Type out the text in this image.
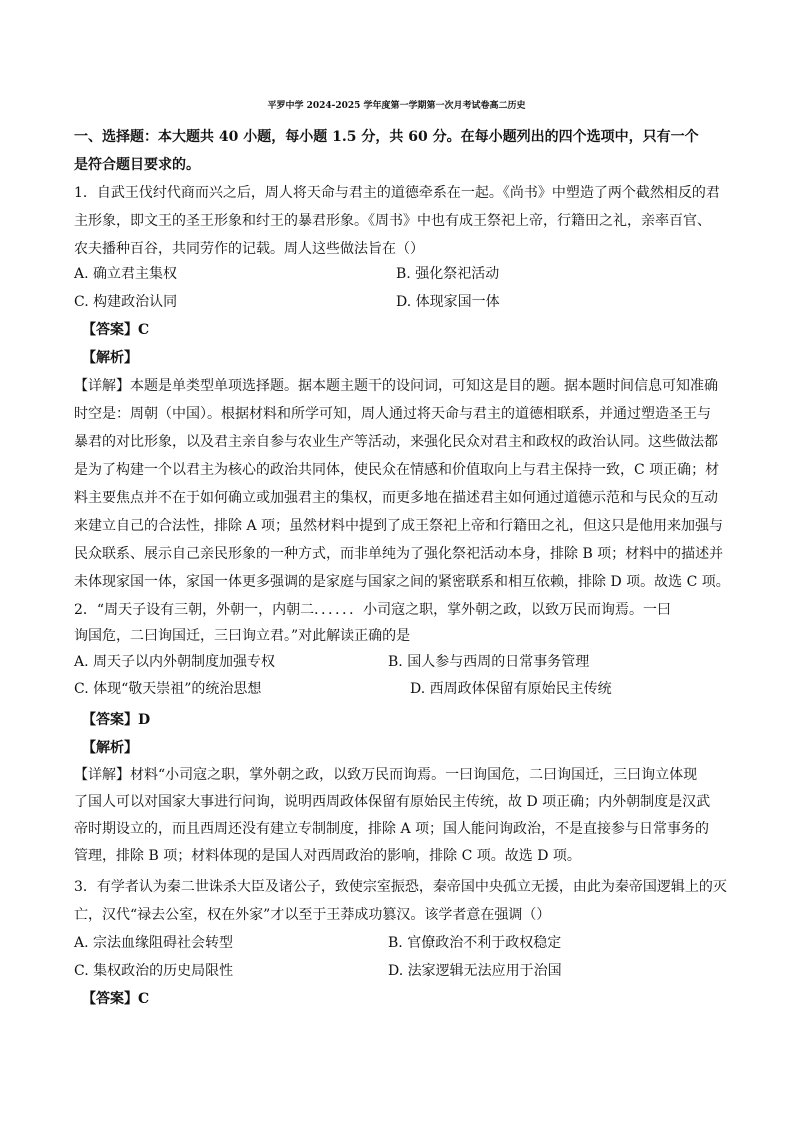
平罗中学 2024-2025 学年度第一学期第一次月考试卷高二历史
一、选择题：本大题共 40 小题，每小题 1.5 分，共 60 分。在每小题列出的四个选项中，只有一个
是符合题目要求的。
1．自武王伐纣代商而兴之后，周人将天命与君主的道德牵系在一起。《尚书》中塑造了两个截然相反的君
主形象，即文王的圣王形象和纣王的暴君形象。《周书》中也有成王祭祀上帝，行籍田之礼，亲率百官、
农夫播种百谷，共同劳作的记载。周人这些做法旨在（）
A. 确立君主集权	B. 强化祭祀活动
C. 构建政治认同	D. 体现家国一体
【答案】C
【解析】
【详解】本题是单类型单项选择题。据本题主题干的设问词，可知这是目的题。据本题时间信息可知准确
时空是：周朝（中国）。根据材料和所学可知，周人通过将天命与君主的道德相联系，并通过塑造圣王与
暴君的对比形象，以及君主亲自参与农业生产等活动，来强化民众对君主和政权的政治认同。这些做法都
是为了构建一个以君主为核心的政治共同体，使民众在情感和价值取向上与君主保持一致，C 项正确；材
料主要焦点并不在于如何确立或加强君主的集权，而更多地在描述君主如何通过道德示范和与民众的互动
来建立自己的合法性，排除 A 项；虽然材料中提到了成王祭祀上帝和行籍田之礼，但这只是他用来加强与
民众联系、展示自己亲民形象的一种方式，而非单纯为了强化祭祀活动本身，排除 B 项；材料中的描述并
未体现家国一体，家国一体更多强调的是家庭与国家之间的紧密联系和相互依赖，排除 D 项。故选 C 项。
2．“周天子设有三朝，外朝一，内朝二．．．．．．小司寇之职，掌外朝之政，以致万民而询焉。一曰
询国危，二曰询国迁，三曰询立君。”对此解读正确的是
A. 周天子以内外朝制度加强专权	B. 国人参与西周的日常事务管理
C. 体现“敬天崇祖”的统治思想	D. 西周政体保留有原始民主传统
【答案】D
【解析】
【详解】材料“小司寇之职，掌外朝之政，以致万民而询焉。一曰询国危，二曰询国迁，三曰询立体现
了国人可以对国家大事进行问询，说明西周政体保留有原始民主传统，故 D 项正确；内外朝制度是汉武
帝时期设立的，而且西周还没有建立专制制度，排除 A 项；国人能问询政治，不是直接参与日常事务的
管理，排除 B 项；材料体现的是国人对西周政治的影响，排除 C 项。故选 D 项。
3．有学者认为秦二世诛杀大臣及诸公子，致使宗室振恐，秦帝国中央孤立无援，由此为秦帝国逻辑上的灭
亡，汉代“禄去公室，权在外家”才以至于王莽成功篡汉。该学者意在强调（）
A. 宗法血缘阻碍社会转型	B. 官僚政治不利于政权稳定
C. 集权政治的历史局限性	D. 法家逻辑无法应用于治国
【答案】C
